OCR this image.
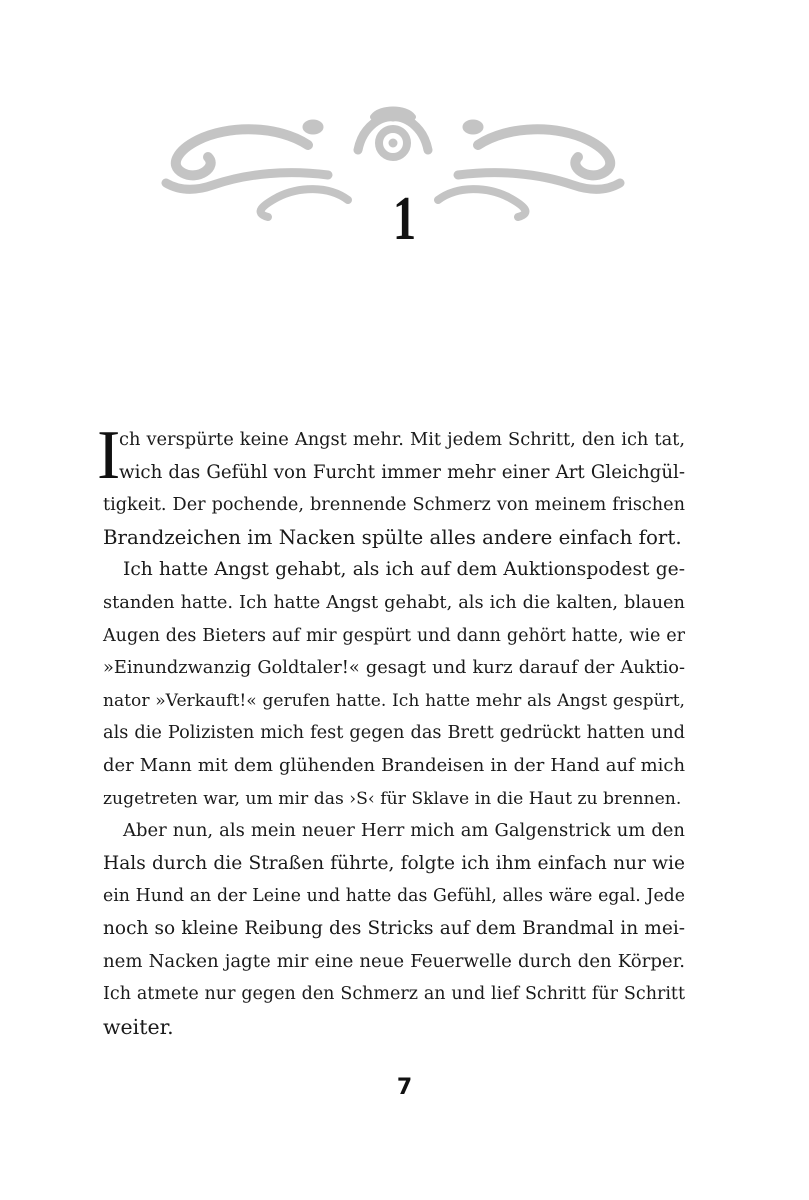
1
I
ch verspürte keine Angst mehr. Mit jedem Schritt, den ich tat,
wich das Gefühl von Furcht immer mehr einer Art Gleichgül-
tigkeit. Der pochende, brennende Schmerz von meinem frischen
Brandzeichen im Nacken spülte alles andere einfach fort.
Ich hatte Angst gehabt, als ich auf dem Auktionspodest ge-
standen hatte. Ich hatte Angst gehabt, als ich die kalten, blauen
Augen des Bieters auf mir gespürt und dann gehört hatte, wie er
»Einundzwanzig Goldtaler!« gesagt und kurz darauf der Auktio-
nator »Verkauft!« gerufen hatte. Ich hatte mehr als Angst gespürt,
als die Polizisten mich fest gegen das Brett gedrückt hatten und
der Mann mit dem glühenden Brandeisen in der Hand auf mich
zugetreten war, um mir das ›S‹ für Sklave in die Haut zu brennen.
Aber nun, als mein neuer Herr mich am Galgenstrick um den
Hals durch die Straßen führte, folgte ich ihm einfach nur wie
ein Hund an der Leine und hatte das Gefühl, alles wäre egal. Jede
noch so kleine Reibung des Stricks auf dem Brandmal in mei-
nem Nacken jagte mir eine neue Feuerwelle durch den Körper.
Ich atmete nur gegen den Schmerz an und lief Schritt für Schritt
weiter.
7
